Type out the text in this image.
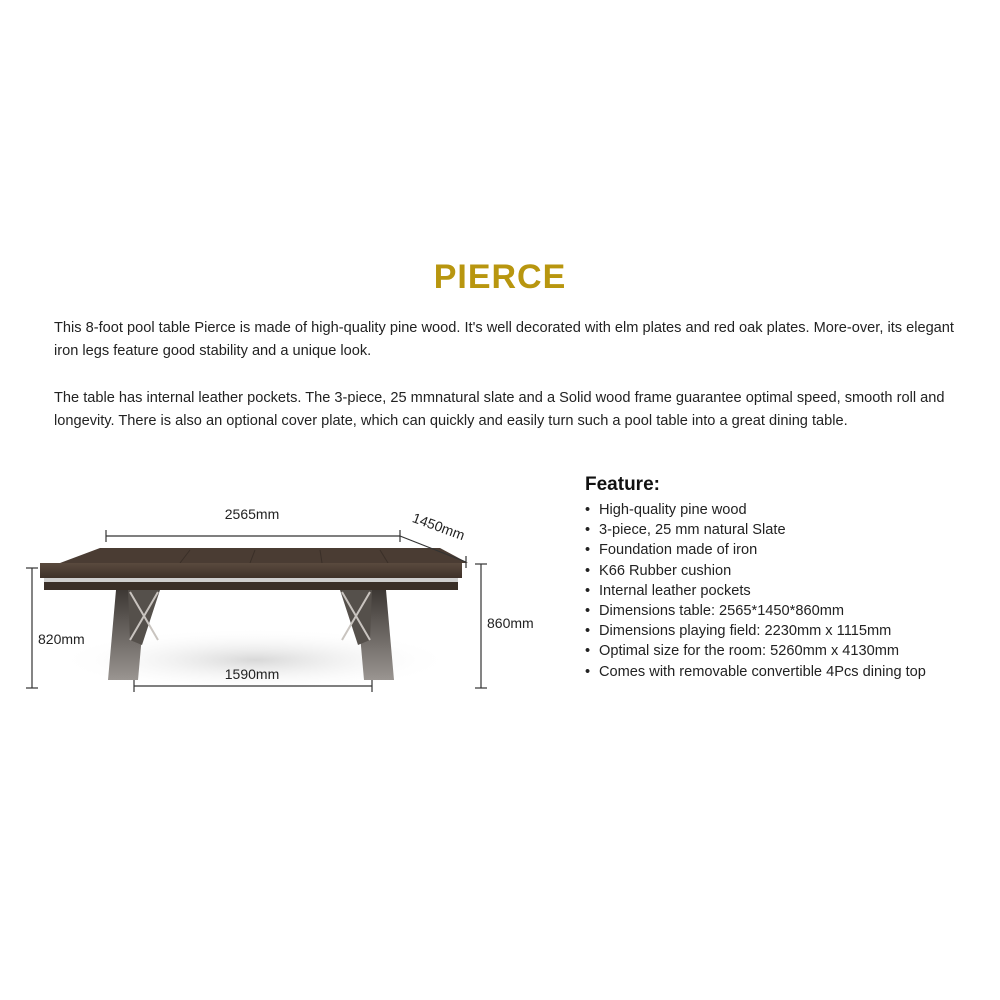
PIERCE

This 8-foot pool table Pierce is made of high-quality pine wood. It's well decorated with elm plates and red oak plates. More-over, its elegant iron legs feature good stability and a unique look.

The table has internal leather pockets. The 3-piece, 25 mmnatural slate and a Solid wood frame guarantee optimal speed, smooth roll and longevity. There is also an optional cover plate, which can quickly and easily turn such a pool table into a great dining table.

2565mm	1450mm
820mm
860mm
1590mm
Feature:
• High-quality pine wood
• 3-piece, 25 mm natural Slate
• Foundation made of iron
• K66 Rubber cushion
• Internal leather pockets
• Dimensions table: 2565*1450*860mm
• Dimensions playing field: 2230mm x 1115mm
• Optimal size for the room: 5260mm x 4130mm
• Comes with removable convertible 4Pcs dining top
